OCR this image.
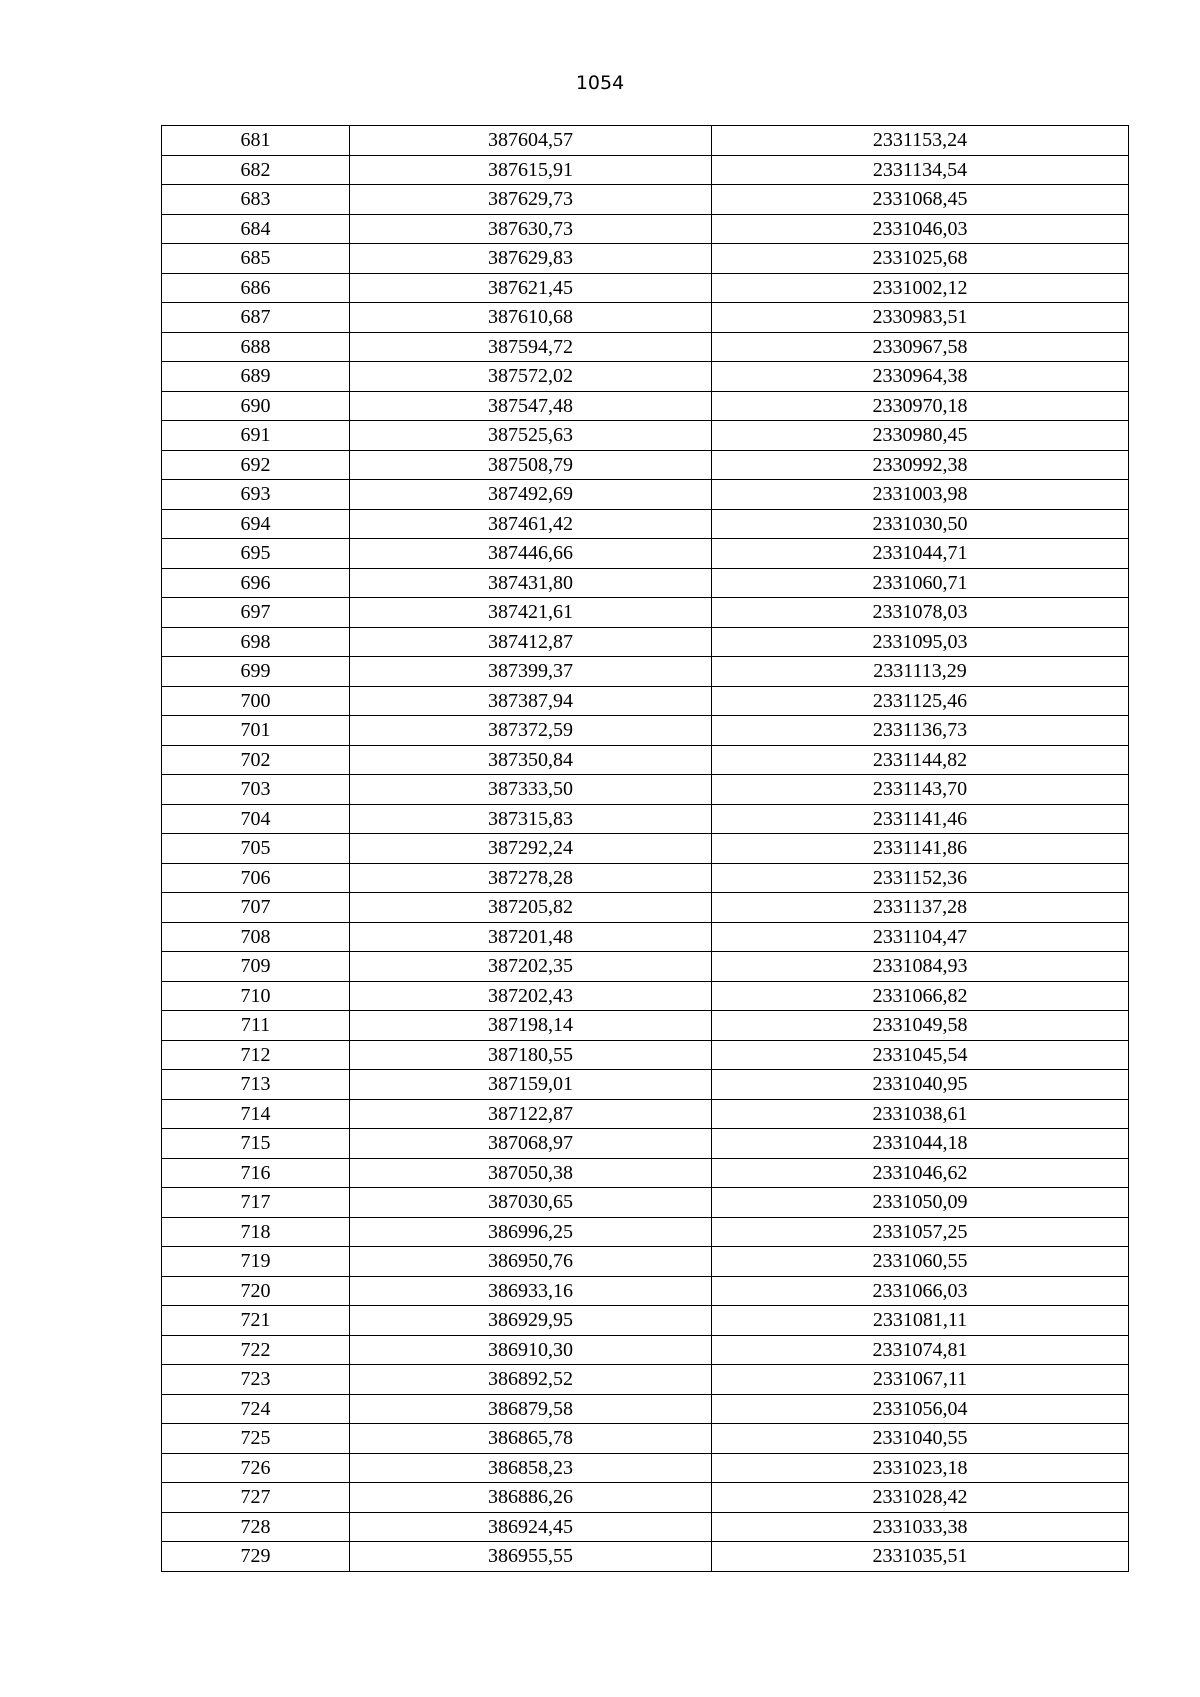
1054
681	387604,57	2331153,24
682	387615,91	2331134,54
683	387629,73	2331068,45
684	387630,73	2331046,03
685	387629,83	2331025,68
686	387621,45	2331002,12
687	387610,68	2330983,51
688	387594,72	2330967,58
689	387572,02	2330964,38
690	387547,48	2330970,18
691	387525,63	2330980,45
692	387508,79	2330992,38
693	387492,69	2331003,98
694	387461,42	2331030,50
695	387446,66	2331044,71
696	387431,80	2331060,71
697	387421,61	2331078,03
698	387412,87	2331095,03
699	387399,37	2331113,29
700	387387,94	2331125,46
701	387372,59	2331136,73
702	387350,84	2331144,82
703	387333,50	2331143,70
704	387315,83	2331141,46
705	387292,24	2331141,86
706	387278,28	2331152,36
707	387205,82	2331137,28
708	387201,48	2331104,47
709	387202,35	2331084,93
710	387202,43	2331066,82
711	387198,14	2331049,58
712	387180,55	2331045,54
713	387159,01	2331040,95
714	387122,87	2331038,61
715	387068,97	2331044,18
716	387050,38	2331046,62
717	387030,65	2331050,09
718	386996,25	2331057,25
719	386950,76	2331060,55
720	386933,16	2331066,03
721	386929,95	2331081,11
722	386910,30	2331074,81
723	386892,52	2331067,11
724	386879,58	2331056,04
725	386865,78	2331040,55
726	386858,23	2331023,18
727	386886,26	2331028,42
728	386924,45	2331033,38
729	386955,55	2331035,51
